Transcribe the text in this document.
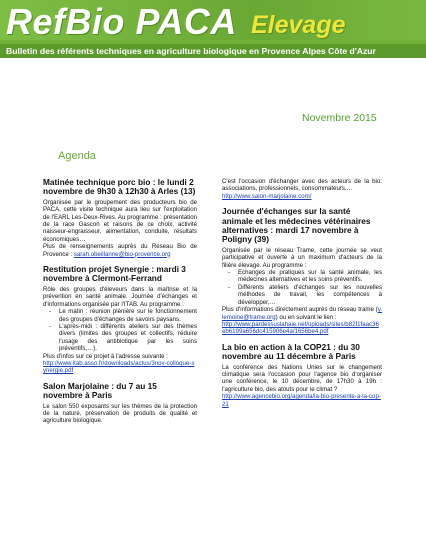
RefBio PACA Elevage
Bulletin des référents techniques en agriculture biologique en Provence Alpes Côte d'Azur
Novembre 2015
Agenda
Matinée technique porc bio : le lundi 2 novembre de 9h30 à 12h30 à Arles (13)
Organisée par le groupement des producteurs bio de PACA, cette visite technique aura lieu sur l'exploitation de l'EARL Les-Deux-Rives. Au programme : présentation de la race Gascon et raisons de ce choix, activité naisseur-engraisseur, alimentation, conduite, résultats économiques…
Plus de renseignements auprès du Réseau Bio de Provence : sarah.obeillanne@bio-provence.org
Restitution projet Synergie : mardi 3 novembre à Clermont-Ferrand
Rôle des groupes d'éleveurs dans la maîtrise et la prévention en santé animale. Journée d'échanges et d'informations organisée par l'ITAB. Au programme :
- Le matin : réunion plénière sur le fonctionnement des groupes d'échanges de savoirs paysans.
- L'après-midi : différents ateliers sur des thèmes divers (limites des groupes et collectifs, réduire l'usage des antibiotique par les soins préventifs,…).
Plus d'infos sur ce projet à l'adresse suivante :
http://www.itab.asso.fr/downloads/actus/3nov-colloque-synergie.pdf
Salon Marjolaine : du 7 au 15 novembre à Paris
Le salon 550 exposants sur les thèmes de la protection de la nature, préservation de produits de qualité et agriculture biologique.
C'est l'occasion d'échanger avec des acteurs de la bio: associations, professionnels, consommateurs,…
http://www.salon-marjolaine.com/
Journée d'échanges sur la santé animale et les médecines vétérinaires alternatives : mardi 17 novembre à Poligny (39)
Organisée par le réseau Trame, cette journée se veut participative et ouverte à un maximum d'acteurs de la filière élevage. Au programme :
- Echanges de pratiques sur la santé animale, les médecines alternatives et les soins préventifs.
- Différents ateliers d'échanges sur les nouvelles méthodes de travail, les compétences à développer,…
Plus d'informations directement auprès du réseau trame (y.lemoine@trame.org) ou en suivant le lien :
http://www.pardessuslahaie.net/uploads/sites/b82f1faac36eb6199a656dc415906e4a/1656be4.pdf
La bio en action à la COP21 : du 30 novembre au 11 décembre à Paris
La conférence des Nations Unies sur le changement climatique sera l'occasion pour l'agence bio d'organiser une conférence, le 10 décembre, de 17h30 à 19h : l'agriculture bio, des atouts pour le climat ?
http://www.agencebio.org/agenda/la-bio-presente-a-la-cop-21
